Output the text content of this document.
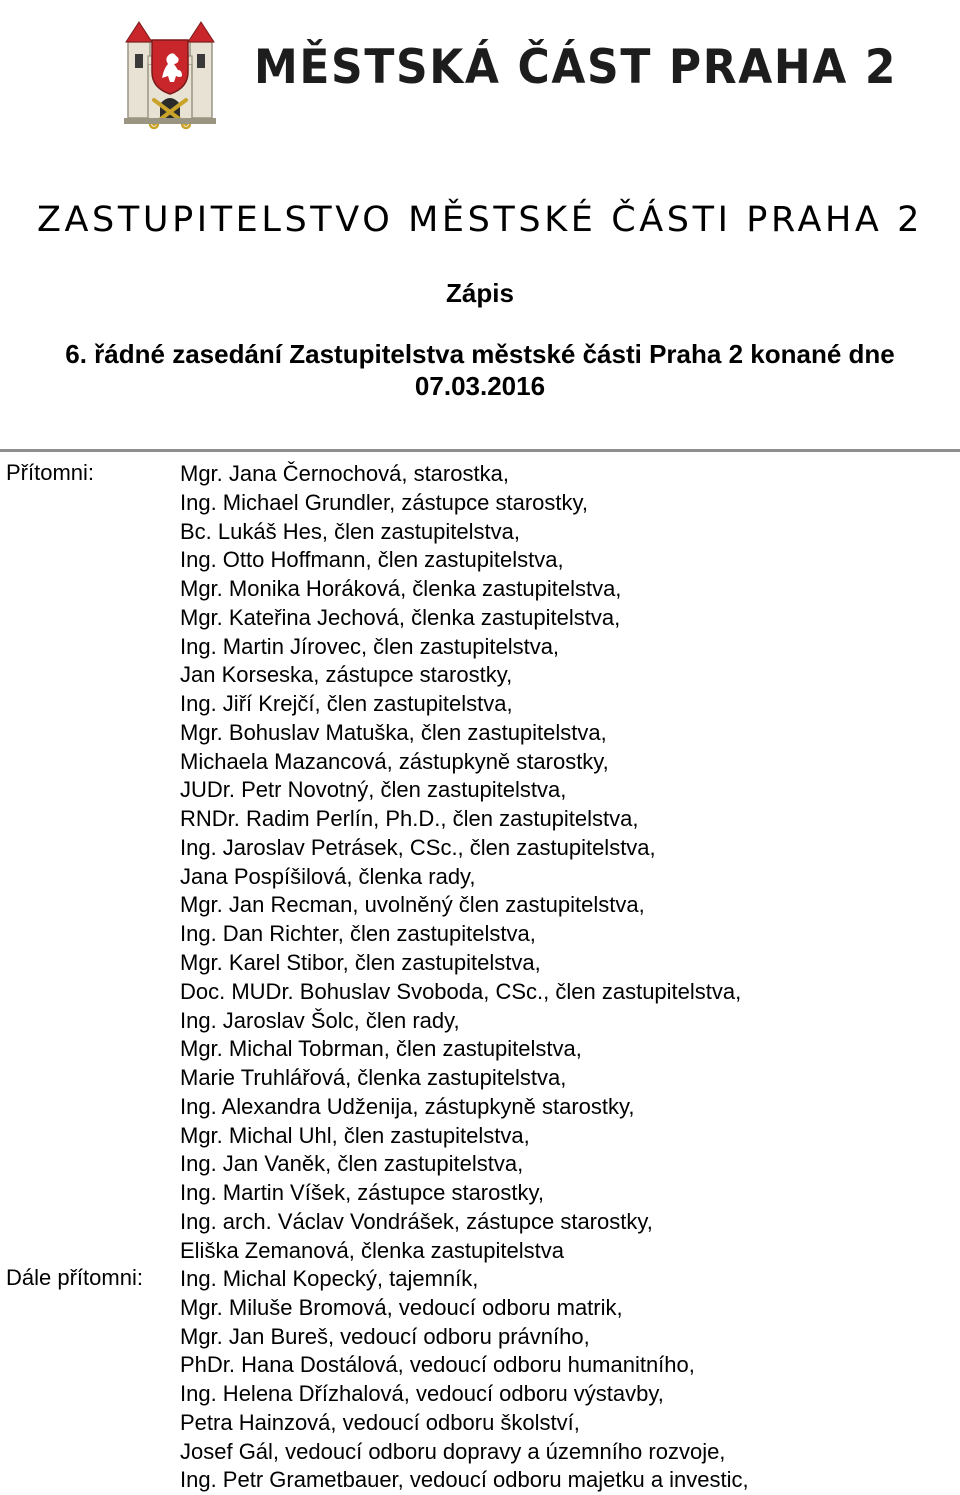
MĚSTSKÁ ČÁST PRAHA 2
ZASTUPITELSTVO MĚSTSKÉ ČÁSTI PRAHA 2
Zápis
6. řádné zasedání Zastupitelstva městské části Praha 2 konané dne
07.03.2016
Přítomni:	Mgr. Jana Černochová, starostka,
Ing. Michael Grundler, zástupce starostky,
Bc. Lukáš Hes, člen zastupitelstva,
Ing. Otto Hoffmann, člen zastupitelstva,
Mgr. Monika Horáková, členka zastupitelstva,
Mgr. Kateřina Jechová, členka zastupitelstva,
Ing. Martin Jírovec, člen zastupitelstva,
Jan Korseska, zástupce starostky,
Ing. Jiří Krejčí, člen zastupitelstva,
Mgr. Bohuslav Matuška, člen zastupitelstva,
Michaela Mazancová, zástupkyně starostky,
JUDr. Petr Novotný, člen zastupitelstva,
RNDr. Radim Perlín, Ph.D., člen zastupitelstva,
Ing. Jaroslav Petrásek, CSc., člen zastupitelstva,
Jana Pospíšilová, členka rady,
Mgr. Jan Recman, uvolněný člen zastupitelstva,
Ing. Dan Richter, člen zastupitelstva,
Mgr. Karel Stibor, člen zastupitelstva,
Doc. MUDr. Bohuslav Svoboda, CSc., člen zastupitelstva,
Ing. Jaroslav Šolc, člen rady,
Mgr. Michal Tobrman, člen zastupitelstva,
Marie Truhlářová, členka zastupitelstva,
Ing. Alexandra Udženija, zástupkyně starostky,
Mgr. Michal Uhl, člen zastupitelstva,
Ing. Jan Vaněk, člen zastupitelstva,
Ing. Martin Víšek, zástupce starostky,
Ing. arch. Václav Vondrášek, zástupce starostky,
Eliška Zemanová, členka zastupitelstva
Dále přítomni: Ing. Michal Kopecký, tajemník,
Mgr. Miluše Bromová, vedoucí odboru matrik,
Mgr. Jan Bureš, vedoucí odboru právního,
PhDr. Hana Dostálová, vedoucí odboru humanitního,
Ing. Helena Dřízhalová, vedoucí odboru výstavby,
Petra Hainzová, vedoucí odboru školství,
Josef Gál, vedoucí odboru dopravy a územního rozvoje,
Ing. Petr Grametbauer, vedoucí odboru majetku a investic,
